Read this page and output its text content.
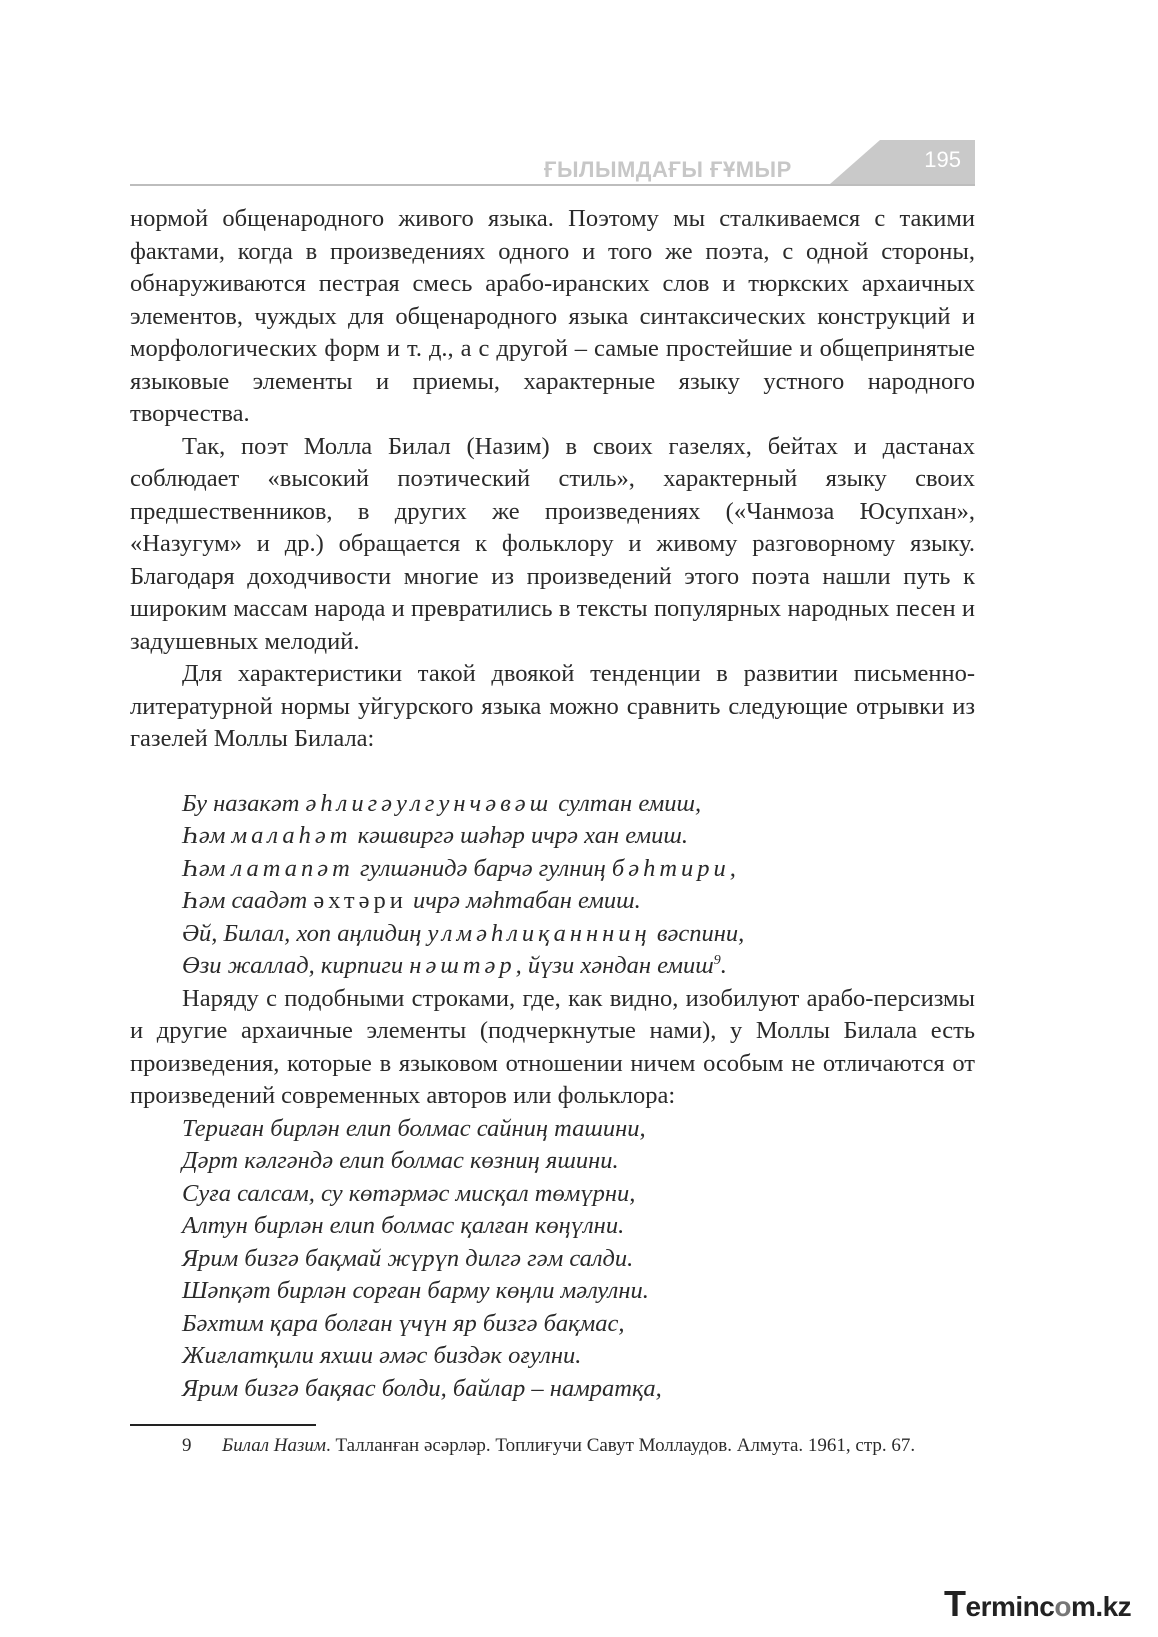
ҒЫЛЫМДАҒЫ ҒҰМЫР	195

нормой общенародного живого языка. Поэтому мы сталкиваемся с такими фактами, когда в произведениях одного и того же поэта, с одной стороны, обнаруживаются пестрая смесь арабо-иранских слов и тюркских архаичных элементов, чуждых для общенародного языка синтаксических конструкций и морфологических форм и т. д., а с другой – самые простейшие и общепринятые языковые элементы и приемы, характерные языку устного народного творчества.

Так, поэт Молла Билал (Назим) в своих газелях, бейтах и дастанах соблюдает «высокий поэтический стиль», характерный языку своих предшественников, в других же произведениях («Чанмоза Юсупхан», «Назугум» и др.) обращается к фольклору и живому разговорному языку. Благодаря доходчивости многие из произведений этого поэта нашли путь к широким массам народа и превратились в тексты популярных народных песен и задушевных мелодий.

Для характеристики такой двоякой тенденции в развитии письменно-литературной нормы уйгурского языка можно сравнить следующие отрывки из газелей Моллы Билала:

Бу назакәт әһлигәулгунчәвәш султан емиш,

Һәм малаһәт кәшвиргә шәһәр ичрә хан емиш.

Һәм латапәт гулшәнидә барчә гулниң бәһтири,

Һәм саадәт әхтәри ичрә мәһтабан емиш.

Әй, Билал, хоп аңлидиң улмәһлиқаннниң вәспини,

Өзи жаллад, кирпиги нәштәр, йүзи хәндан емиш$^9$.

Наряду с подобными строками, где, как видно, изобилуют арабо-персизмы и другие архаичные элементы (подчеркнутые нами), у Моллы Билала есть произведения, которые в языковом отношении ничем особым не отличаются от произведений современных авторов или фольклора:

Териған бирлән елип болмас сайниң ташини,

Дәрт кәлгәндә елип болмас көзниң яшини.

Суға салсам, су көтәрмәс мисқал төмүрни,

Алтун бирлән елип болмас қалған көңүлни.

Ярим бизгә бақмай жүрүп дилгә гәм салди.

Шәпқәт бирлән сорған барму көңли мәлулни.

Бәхтим қара болған үчүн яр бизгә бақмас,

Жиғлатқили яхши әмәс биздәк оғулни.

Ярим бизгә бақяас болди, байлар – намратқа,

9 Билал Назим. Талланған әсәрләр. Топлиғучи Савут Моллаудов. Алмута. 1961, стр. 67.
Termincom.kz
